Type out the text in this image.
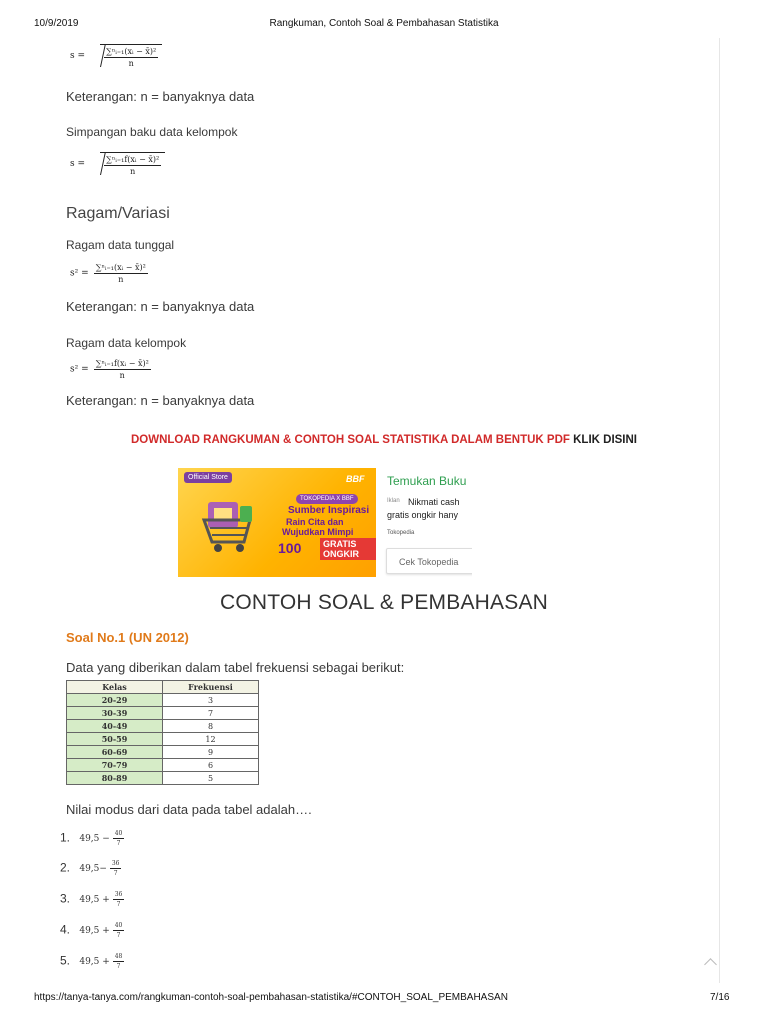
10/9/2019	Rangkuman, Contoh Soal & Pembahasan Statistika
https://tanya-tanya.com/rangkuman-contoh-soal-pembahasan-statistika/#CONTOH_SOAL_PEMBAHASAN	7/16
$s = \frac{\text{∑ⁿᵢ₌₁(xᵢ − x̄)²}}{n}$
Keterangan: n = banyaknya data
Simpangan baku data kelompok
$s = \frac{\text{∑ⁿᵢ₌₁f(xᵢ − x̄)²}}{n}$
Ragam/Variasi
Ragam data tunggal
$s^2 = \frac{\text{∑ⁿᵢ₌₁(xᵢ − x̄)²}}{n}$
Keterangan: n = banyaknya data
Ragam data kelompok
$s^2 = \frac{\text{∑ⁿᵢ₌₁f(xᵢ − x̄)²}}{n}$
Keterangan: n = banyaknya data
DOWNLOAD RANGKUMAN & CONTOH SOAL STATISTIKA DALAM BENTUK PDF KLIK DISINI
Official Store	BBF
TOKOPEDIA X BBF
Sumber Inspirasi
Rain Cita dan
Wujudkan Mimpi
100	GRATIS ONGKIR
Temukan Buku
Iklan Nikmati cash
gratis ongkir hany
Tokopedia
Cek Tokopedia
CONTOH SOAL & PEMBAHASAN
Soal No.1 (UN 2012)
Data yang diberikan dalam tabel frekuensi sebagai berikut:
Kelas	Frekuensi
20-29	3
30-39	7
40-49	8
50-59	12
60-69	9
70-79	6
80-89	5
Nilai modus dari data pada tabel adalah….
1. $49,5 - \frac{40}{7}$
2. $49,5- \frac{36}{7}$
3. $49,5 + \frac{36}{7}$
4. $49,5 + \frac{40}{7}$
5. $49,5 + \frac{48}{7}$
